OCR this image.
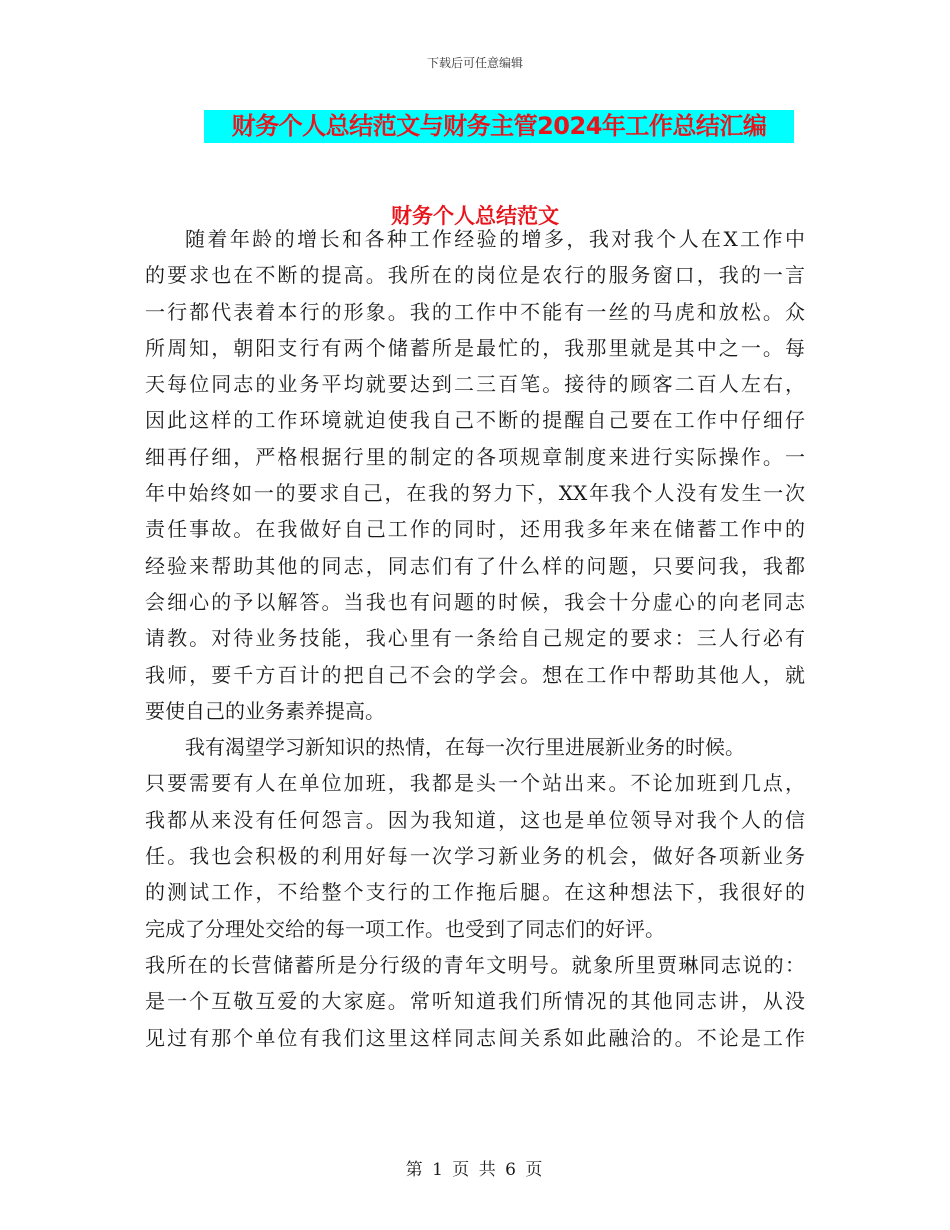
下载后可任意编辑
财务个人总结范文与财务主管2024年工作总结汇编
财务个人总结范文
随着年龄的增长和各种工作经验的增多，我对我个人在X工作中
的要求也在不断的提高。我所在的岗位是农行的服务窗口，我的一言
一行都代表着本行的形象。我的工作中不能有一丝的马虎和放松。众
所周知，朝阳支行有两个储蓄所是最忙的，我那里就是其中之一。每
天每位同志的业务平均就要达到二三百笔。接待的顾客二百人左右，
因此这样的工作环境就迫使我自己不断的提醒自己要在工作中仔细仔
细再仔细，严格根据行里的制定的各项规章制度来进行实际操作。一
年中始终如一的要求自己，在我的努力下，XX年我个人没有发生一次
责任事故。在我做好自己工作的同时，还用我多年来在储蓄工作中的
经验来帮助其他的同志，同志们有了什么样的问题，只要问我，我都
会细心的予以解答。当我也有问题的时候，我会十分虚心的向老同志
请教。对待业务技能，我心里有一条给自己规定的要求：三人行必有
我师，要千方百计的把自己不会的学会。想在工作中帮助其他人，就
要使自己的业务素养提高。
我有渴望学习新知识的热情，在每一次行里进展新业务的时候。
只要需要有人在单位加班，我都是头一个站出来。不论加班到几点，
我都从来没有任何怨言。因为我知道，这也是单位领导对我个人的信
任。我也会积极的利用好每一次学习新业务的机会，做好各项新业务
的测试工作，不给整个支行的工作拖后腿。在这种想法下，我很好的
完成了分理处交给的每一项工作。也受到了同志们的好评。
我所在的长营储蓄所是分行级的青年文明号。就象所里贾琳同志说的：
是一个互敬互爱的大家庭。常听知道我们所情况的其他同志讲，从没
见过有那个单位有我们这里这样同志间关系如此融洽的。不论是工作
第 1 页 共 6 页
